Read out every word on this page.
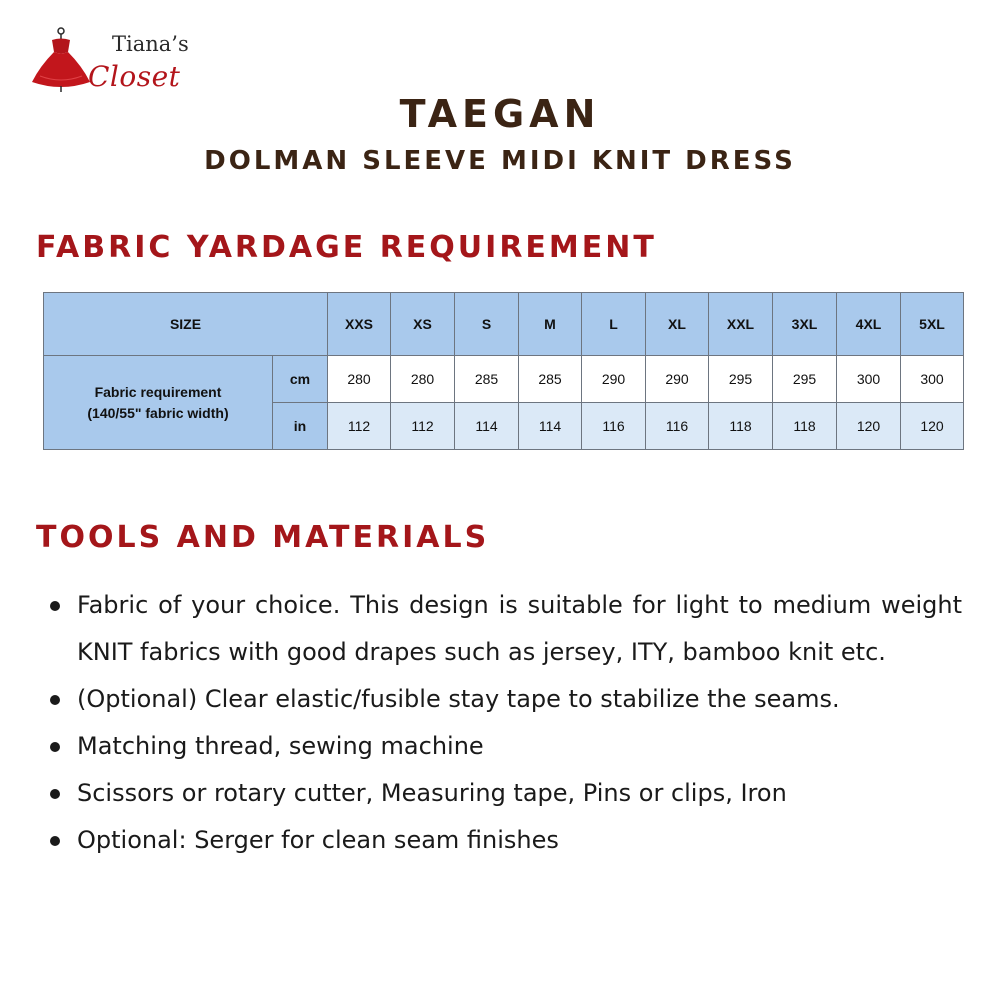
Tiana’s
Closet
TAEGAN
DOLMAN SLEEVE MIDI KNIT DRESS
FABRIC YARDAGE REQUIREMENT
SIZE		XXS	XS	S	M	L	XL	XXL	3XL	4XL	5XL

Fabric requirement
(140/55" fabric width)	cm	280	280	285	285	290	290	295	295	300	300
	in	112	112	114	114	116	116	118	118	120	120
TOOLS AND MATERIALS
Fabric of your choice. This design is suitable for light to medium weight KNIT fabrics with good drapes such as jersey, ITY, bamboo knit etc.
(Optional) Clear elastic/fusible stay tape to stabilize the seams.
Matching thread, sewing machine
Scissors or rotary cutter, Measuring tape, Pins or clips, Iron
Optional: Serger for clean seam finishes
